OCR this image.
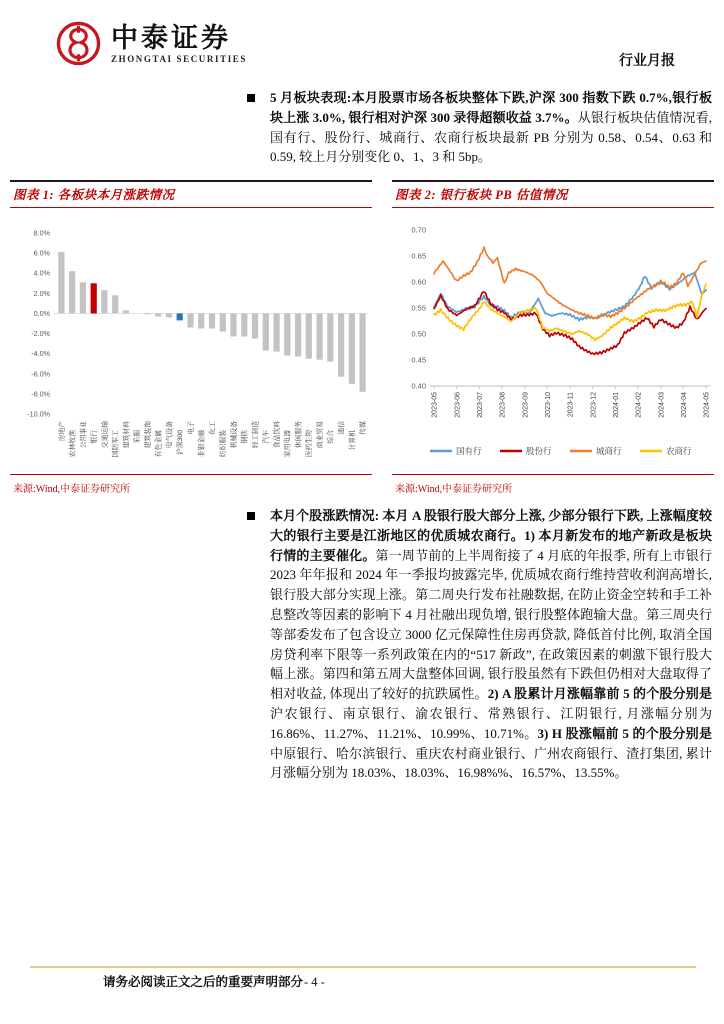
中泰证券
ZHONGTAI SECURITIES	行业月报
5 月板块表现:本月股票市场各板块整体下跌,沪深 300 指数下跌 0.7%,银行板块上涨 3.0%, 银行相对沪深 300 录得超额收益 3.7%。从银行板块估值情况看, 国有行、股份行、城商行、农商行板块最新 PB 分别为 0.58、0.54、0.63 和 0.59, 较上月分别变化 0、1、3 和 5bp。
图表 1: 各板块本月涨跌情况
8.0%
6.0%
4.0%
2.0%
0.0%
-2.0%
-4.0%
-6.0%
-8.0%
-10.0%
房地产 农林牧渔 公用事业 银行 交通运输 国防军工 建筑材料 采掘 建筑装饰 有色金属 电气设备 沪深300
电子
非银金融
化工
纺织服装 机械设备 钢铁 轻工制造 汽车 食品饮料 家用电器 休闲服务 医药生物 商业贸易 综合
通信
计算机
传媒
来源:Wind,中泰证券研究所
图表 2: 银行板块 PB 估值情况
0.70
0.65
0.60
0.55
0.50
0.45
0.40
2023-05 2023-06 2023-07 2023-08 2023-09 2023-10 2023-11 2023-12 2024-01 2024-02 2024-03 2024-04 2024-05
国有行	股份行	城商行	农商行
来源:Wind,中泰证券研究所
本月个股涨跌情况: 本月 A 股银行股大部分上涨, 少部分银行下跌, 上涨幅度较大的银行主要是江浙地区的优质城农商行。1) 本月新发布的地产新政是板块行情的主要催化。第一周节前的上半周衔接了 4 月底的年报季, 所有上市银行 2023 年年报和 2024 年一季报均披露完毕, 优质城农商行维持营收利润高增长, 银行股大部分实现上涨。第二周央行发布社融数据, 在防止资金空转和手工补息整改等因素的影响下 4 月社融出现负增, 银行股整体跑输大盘。第三周央行等部委发布了包含设立 3000 亿元保障性住房再贷款, 降低首付比例, 取消全国房贷利率下限等一系列政策在内的“517 新政”, 在政策因素的刺激下银行股大幅上涨。第四和第五周大盘整体回调, 银行股虽然有下跌但仍相对大盘取得了相对收益, 体现出了较好的抗跌属性。2) A 股累计月涨幅靠前 5 的个股分别是沪农银行、南京银行、渝农银行、常熟银行、江阴银行, 月涨幅分别为 16.86%、11.27%、11.21%、10.99%、10.71%。3) H 股涨幅前 5 的个股分别是中原银行、哈尔滨银行、重庆农村商业银行、广州农商银行、渣打集团, 累计月涨幅分别为 18.03%、18.03%、16.98%%、16.57%、13.55%。
请务必阅读正文之后的重要声明部分- 4 -
